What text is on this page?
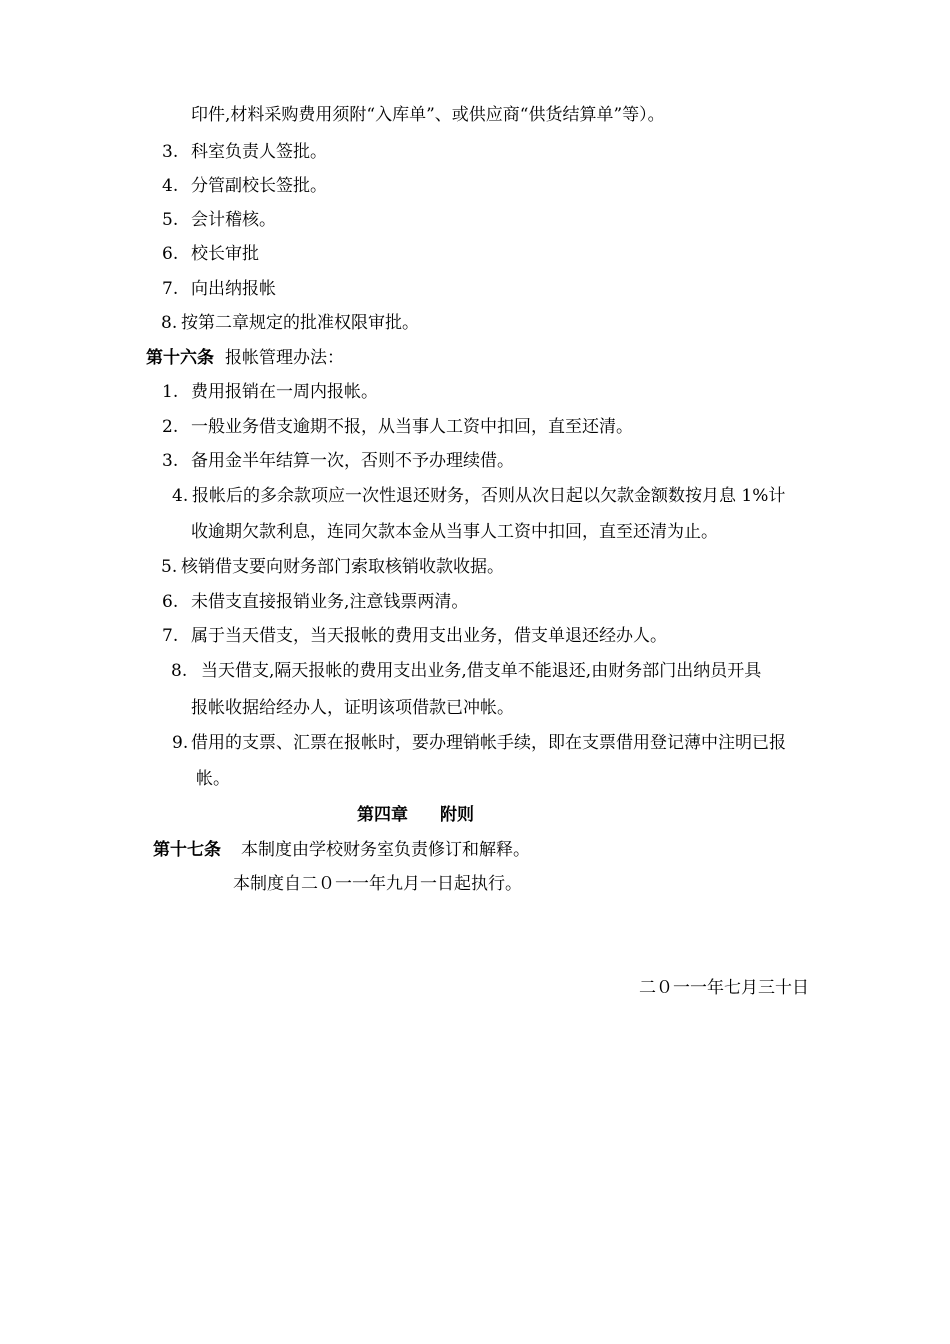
印件,材料采购费用须附“入库单”、或供应商“供货结算单”等）。
3. 科室负责人签批。
4. 分管副校长签批。
5. 会计稽核。
6. 校长审批
7. 向出纳报帐
8. 按第二章规定的批准权限审批。
第十六条 报帐管理办法：
1. 费用报销在一周内报帐。
2. 一般业务借支逾期不报，从当事人工资中扣回，直至还清。
3. 备用金半年结算一次，否则不予办理续借。
4. 报帐后的多余款项应一次性退还财务，否则从次日起以欠款金额数按月息 1%计
收逾期欠款利息，连同欠款本金从当事人工资中扣回，直至还清为止。
5. 核销借支要向财务部门索取核销收款收据。
6. 未借支直接报销业务,注意钱票两清。
7. 属于当天借支，当天报帐的费用支出业务，借支单退还经办人。
8. 当天借支,隔天报帐的费用支出业务,借支单不能退还,由财务部门出纳员开具
报帐收据给经办人，证明该项借款已冲帐。
9. 借用的支票、汇票在报帐时，要办理销帐手续，即在支票借用登记薄中注明已报
帐。
第四章 附则
第十七条 本制度由学校财务室负责修订和解释。
本制度自二０一一年九月一日起执行。
二０一一年七月三十日
